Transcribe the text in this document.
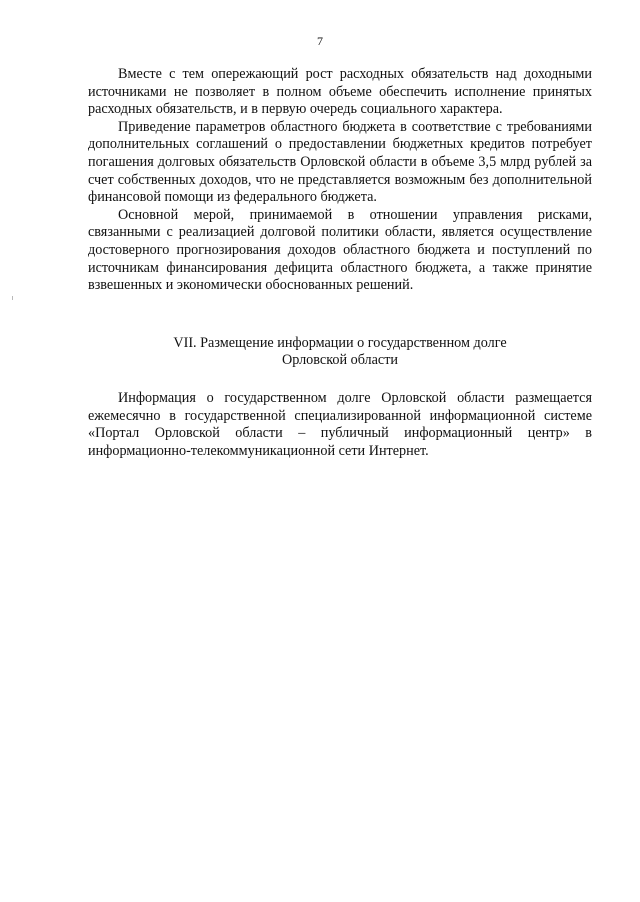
7

Вместе с тем опережающий рост расходных обязательств над доходными источниками не позволяет в полном объеме обеспечить исполнение принятых расходных обязательств, и в первую очередь социального характера.

Приведение параметров областного бюджета в соответствие с требованиями дополнительных соглашений о предоставлении бюджетных кредитов потребует погашения долговых обязательств Орловской области в объеме 3,5 млрд рублей за счет собственных доходов, что не представляется возможным без дополнительной финансовой помощи из федерального бюджета.

Основной мерой, принимаемой в отношении управления рисками, связанными с реализацией долговой политики области, является осуществление достоверного прогнозирования доходов областного бюджета и поступлений по источникам финансирования дефицита областного бюджета, а также принятие взвешенных и экономически обоснованных решений.

VII. Размещение информации о государственном долге
Орловской области

Информация о государственном долге Орловской области размещается ежемесячно в государственной специализированной информационной системе «Портал Орловской области – публичный информационный центр» в информационно-телекоммуникационной сети Интернет.
